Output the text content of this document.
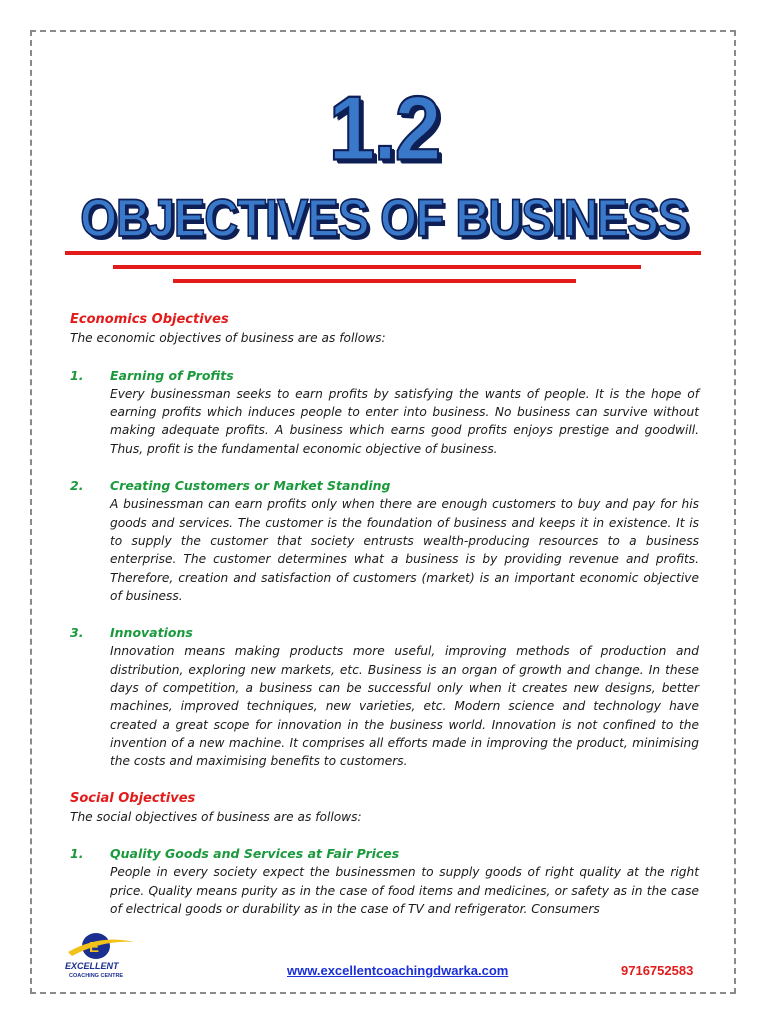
1.2
OBJECTIVES OF BUSINESS
Economics Objectives
The economic objectives of business are as follows:
1.	Earning of Profits
Every businessman seeks to earn profits by satisfying the wants of people. It is the hope of earning profits which induces people to enter into business. No business can survive without making adequate profits. A business which earns good profits enjoys prestige and goodwill. Thus, profit is the fundamental economic objective of business.
2.	Creating Customers or Market Standing
A businessman can earn profits only when there are enough customers to buy and pay for his goods and services. The customer is the foundation of business and keeps it in existence. It is to supply the customer that society entrusts wealth-producing resources to a business enterprise. The customer determines what a business is by providing revenue and profits. Therefore, creation and satisfaction of customers (market) is an important economic objective of business.
3.	Innovations
Innovation means making products more useful, improving methods of production and distribution, exploring new markets, etc. Business is an organ of growth and change. In these days of competition, a business can be successful only when it creates new designs, better machines, improved techniques, new varieties, etc. Modern science and technology have created a great scope for innovation in the business world. Innovation is not confined to the invention of a new machine. It comprises all efforts made in improving the product, minimising the costs and maximising benefits to customers.
Social Objectives
The social objectives of business are as follows:
1.	Quality Goods and Services at Fair Prices
People in every society expect the businessmen to supply goods of right quality at the right price. Quality means purity as in the case of food items and medicines, or safety as in the case of electrical goods or durability as in the case of TV and refrigerator. Consumers
E
EXCELLENT
COACHING CENTRE	www.excellentcoachingdwarka.com	9716752583
